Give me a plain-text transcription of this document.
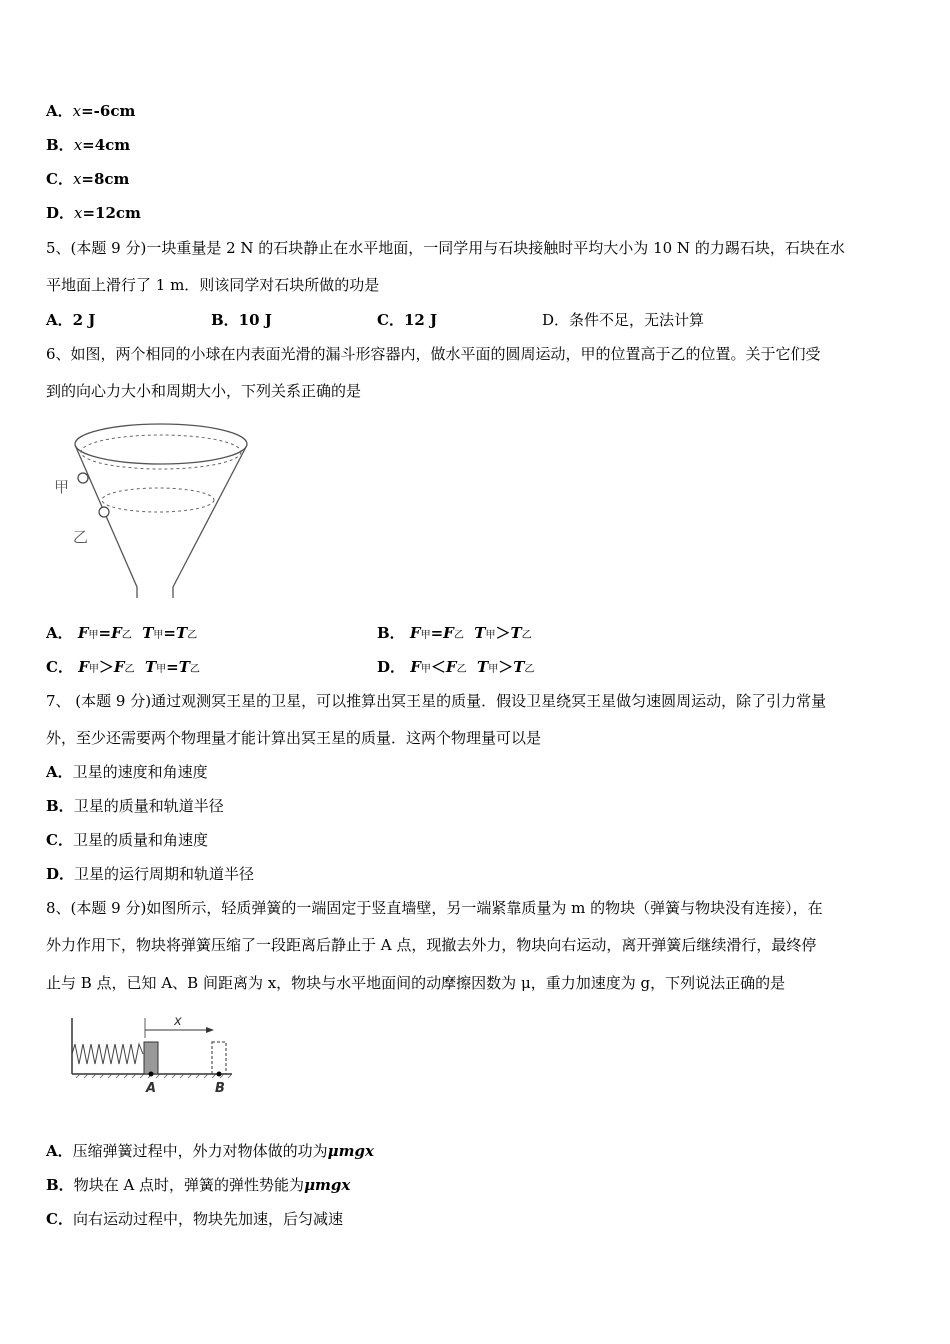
A．x=-6cm
B．x=4cm
C．x=8cm
D．x=12cm
5、(本题 9 分)一块重量是 2 N 的石块静止在水平地面，一同学用与石块接触时平均大小为 10 N 的力踢石块，石块在水
平地面上滑行了 1 m．则该同学对石块所做的功是
A．2 J	B．10 J	C．12 J	D．条件不足，无法计算
6、如图，两个相同的小球在内表面光滑的漏斗形容器内，做水平面的圆周运动，甲的位置高于乙的位置。关于它们受
到的向心力大小和周期大小，下列关系正确的是
甲
乙
A． F甲=F乙 T甲=T乙	B． F甲=F乙 T甲＞T乙
C． F甲＞F乙 T甲=T乙	D． F甲＜F乙 T甲＞T乙
7、 (本题 9 分)通过观测冥王星的卫星，可以推算出冥王星的质量．假设卫星绕冥王星做匀速圆周运动，除了引力常量
外，至少还需要两个物理量才能计算出冥王星的质量．这两个物理量可以是
A．卫星的速度和角速度
B．卫星的质量和轨道半径
C．卫星的质量和角速度
D．卫星的运行周期和轨道半径
8、(本题 9 分)如图所示，轻质弹簧的一端固定于竖直墙壁，另一端紧靠质量为 m 的物块（弹簧与物块没有连接），在
外力作用下，物块将弹簧压缩了一段距离后静止于 A 点，现撤去外力，物块向右运动，离开弹簧后继续滑行，最终停
止与 B 点，已知 A、B 间距离为 x，物块与水平地面间的动摩擦因数为 μ，重力加速度为 g，下列说法正确的是
x
A	B
A．压缩弹簧过程中，外力对物体做的功为μmgx
B．物块在 A 点时，弹簧的弹性势能为μmgx
C．向右运动过程中，物块先加速，后匀减速
